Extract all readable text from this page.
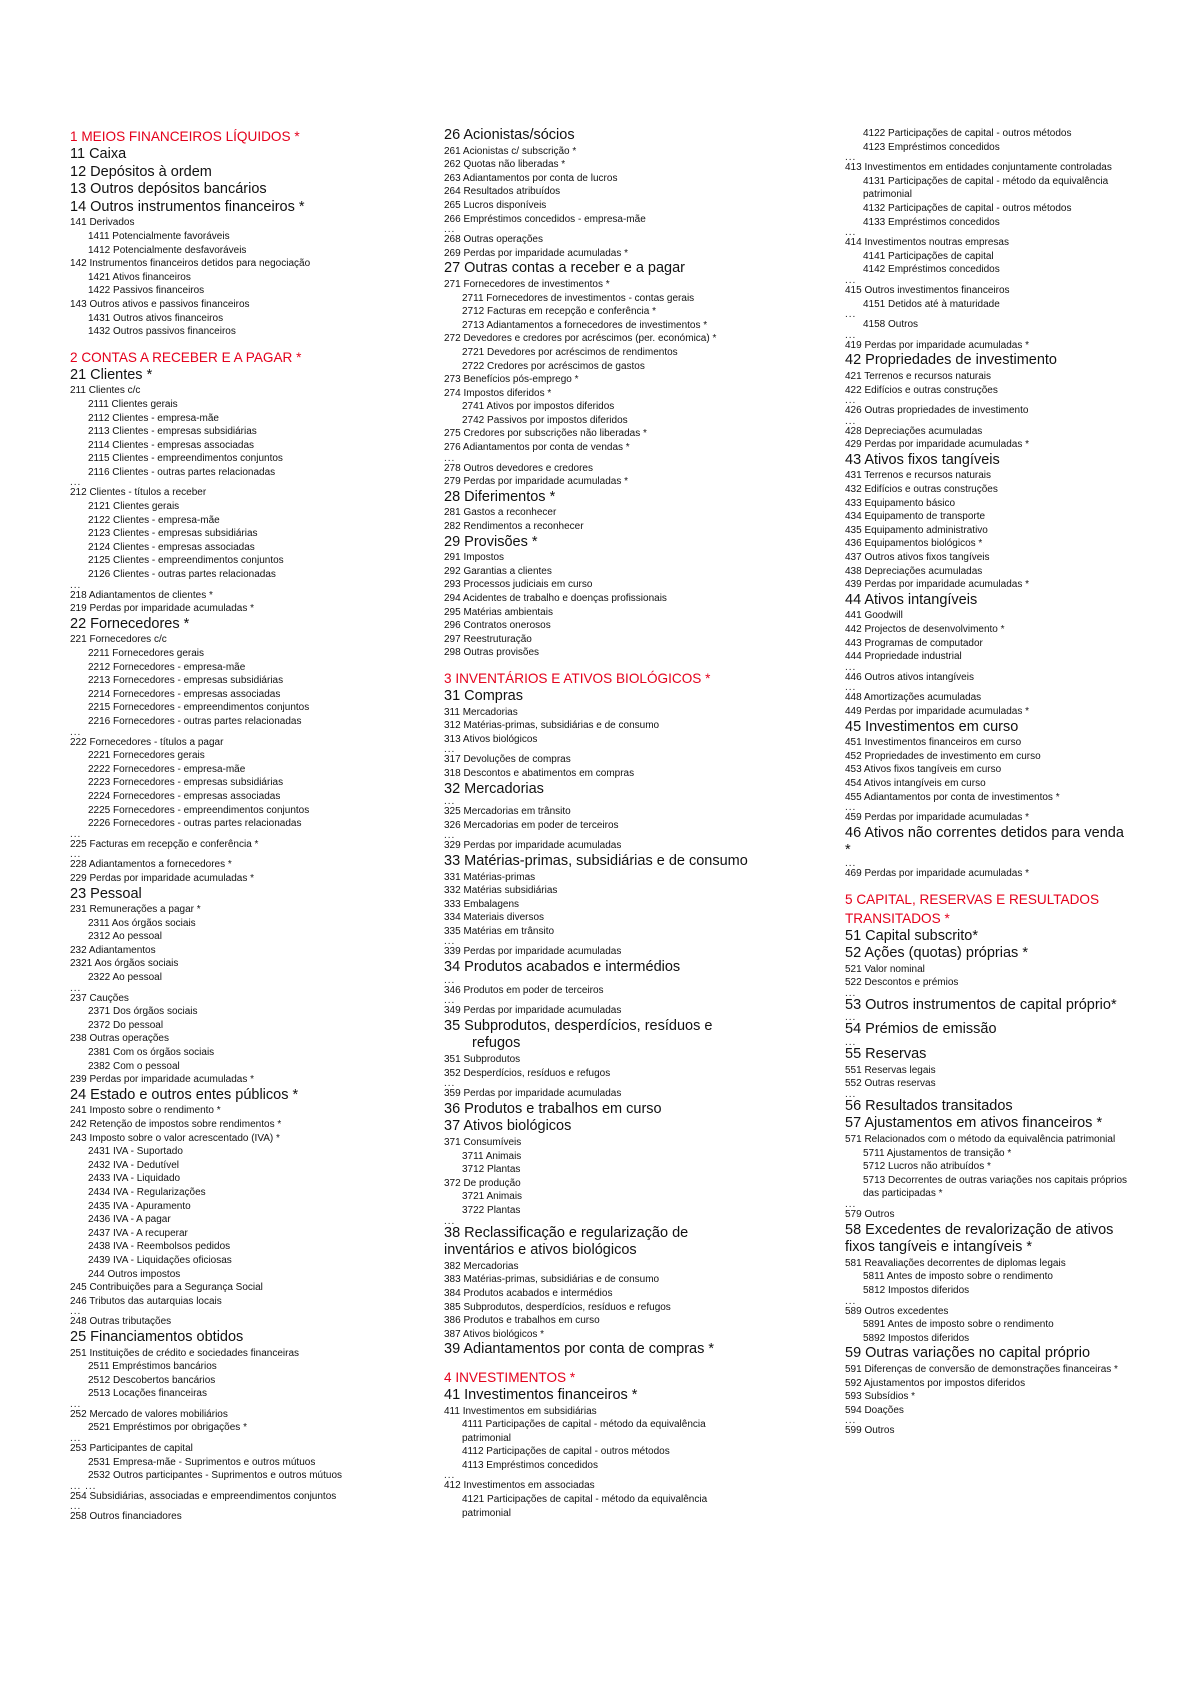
1 MEIOS FINANCEIROS LÍQUIDOS *
11 Caixa
12 Depósitos à ordem
13 Outros depósitos bancários
14 Outros instrumentos financeiros *
141 Derivados
1411 Potencialmente favoráveis
1412 Potencialmente desfavoráveis
142 Instrumentos financeiros detidos para negociação
1421 Ativos financeiros
1422 Passivos financeiros
143 Outros ativos e passivos financeiros
1431 Outros ativos financeiros
1432 Outros passivos financeiros
2 CONTAS A RECEBER E A PAGAR *
21 Clientes *
211 Clientes c/c
2111 Clientes gerais
2112 Clientes - empresa-mãe
2113 Clientes - empresas subsidiárias
2114 Clientes - empresas associadas
2115 Clientes - empreendimentos conjuntos
2116 Clientes - outras partes relacionadas
...
212 Clientes - títulos a receber
2121 Clientes gerais
2122 Clientes - empresa-mãe
2123 Clientes - empresas subsidiárias
2124 Clientes - empresas associadas
2125 Clientes - empreendimentos conjuntos
2126 Clientes - outras partes relacionadas
...
218 Adiantamentos de clientes *
219 Perdas por imparidade acumuladas *
22 Fornecedores *
221 Fornecedores c/c
2211 Fornecedores gerais
2212 Fornecedores - empresa-mãe
2213 Fornecedores - empresas subsidiárias
2214 Fornecedores - empresas associadas
2215 Fornecedores - empreendimentos conjuntos
2216 Fornecedores - outras partes relacionadas
...
222 Fornecedores - títulos a pagar
2221 Fornecedores gerais
2222 Fornecedores - empresa-mãe
2223 Fornecedores - empresas subsidiárias
2224 Fornecedores - empresas associadas
2225 Fornecedores - empreendimentos conjuntos
2226 Fornecedores - outras partes relacionadas
...
225 Facturas em recepção e conferência *
...
228 Adiantamentos a fornecedores *
229 Perdas por imparidade acumuladas *
23 Pessoal
231 Remunerações a pagar *
2311 Aos órgãos sociais
2312 Ao pessoal
232 Adiantamentos
2321 Aos órgãos sociais
2322 Ao pessoal
...
237 Cauções
2371 Dos órgãos sociais
2372 Do pessoal
238 Outras operações
2381 Com os órgãos sociais
2382 Com o pessoal
239 Perdas por imparidade acumuladas *
24 Estado e outros entes públicos *
241 Imposto sobre o rendimento *
242 Retenção de impostos sobre rendimentos *
243 Imposto sobre o valor acrescentado (IVA) *
2431 IVA - Suportado
2432 IVA - Dedutível
2433 IVA - Liquidado
2434 IVA - Regularizações
2435 IVA - Apuramento
2436 IVA - A pagar
2437 IVA - A recuperar
2438 IVA - Reembolsos pedidos
2439 IVA - Liquidações oficiosas
244 Outros impostos
245 Contribuições para a Segurança Social
246 Tributos das autarquias locais
...
248 Outras tributações
25 Financiamentos obtidos
251 Instituições de crédito e sociedades financeiras
2511 Empréstimos bancários
2512 Descobertos bancários
2513 Locações financeiras
...
252 Mercado de valores mobiliários
2521 Empréstimos por obrigações *
...
253 Participantes de capital
2531 Empresa-mãe - Suprimentos e outros mútuos
2532 Outros participantes - Suprimentos e outros mútuos
... ...
254 Subsidiárias, associadas e empreendimentos conjuntos
...
258 Outros financiadores
26 Acionistas/sócios
261 Acionistas c/ subscrição *
262 Quotas não liberadas *
263 Adiantamentos por conta de lucros
264 Resultados atribuídos
265 Lucros disponíveis
266 Empréstimos concedidos - empresa-mãe
...
268 Outras operações
269 Perdas por imparidade acumuladas *
27 Outras contas a receber e a pagar
271 Fornecedores de investimentos *
2711 Fornecedores de investimentos - contas gerais
2712 Facturas em recepção e conferência *
2713 Adiantamentos a fornecedores de investimentos *
272 Devedores e credores por acréscimos (per. económica) *
2721 Devedores por acréscimos de rendimentos
2722 Credores por acréscimos de gastos
273 Benefícios pós-emprego *
274 Impostos diferidos *
2741 Ativos por impostos diferidos
2742 Passivos por impostos diferidos
275 Credores por subscrições não liberadas *
276 Adiantamentos por conta de vendas *
...
278 Outros devedores e credores
279 Perdas por imparidade acumuladas *
28 Diferimentos *
281 Gastos a reconhecer
282 Rendimentos a reconhecer
29 Provisões *
291 Impostos
292 Garantias a clientes
293 Processos judiciais em curso
294 Acidentes de trabalho e doenças profissionais
295 Matérias ambientais
296 Contratos onerosos
297 Reestruturação
298 Outras provisões
3 INVENTÁRIOS E ATIVOS BIOLÓGICOS *
31 Compras
311 Mercadorias
312 Matérias-primas, subsidiárias e de consumo
313 Ativos biológicos
...
317 Devoluções de compras
318 Descontos e abatimentos em compras
32 Mercadorias
...
325 Mercadorias em trânsito
326 Mercadorias em poder de terceiros
...
329 Perdas por imparidade acumuladas
33 Matérias-primas, subsidiárias e de consumo
331 Matérias-primas
332 Matérias subsidiárias
333 Embalagens
334 Materiais diversos
335 Matérias em trânsito
...
339 Perdas por imparidade acumuladas
34 Produtos acabados e intermédios
...
346 Produtos em poder de terceiros
...
349 Perdas por imparidade acumuladas
35 Subprodutos, desperdícios, resíduos e
refugos
351 Subprodutos
352 Desperdícios, resíduos e refugos
...
359 Perdas por imparidade acumuladas
36 Produtos e trabalhos em curso
37 Ativos biológicos
371 Consumíveis
3711 Animais
3712 Plantas
372 De produção
3721 Animais
3722 Plantas
...
38 Reclassificação e regularização de
inventários e ativos biológicos
382 Mercadorias
383 Matérias-primas, subsidiárias e de consumo
384 Produtos acabados e intermédios
385 Subprodutos, desperdícios, resíduos e refugos
386 Produtos e trabalhos em curso
387 Ativos biológicos *
39 Adiantamentos por conta de compras *
4 INVESTIMENTOS *
41 Investimentos financeiros *
411 Investimentos em subsidiárias
4111 Participações de capital - método da equivalência
patrimonial
4112 Participações de capital - outros métodos
4113 Empréstimos concedidos
...
412 Investimentos em associadas
4121 Participações de capital - método da equivalência
patrimonial
4122 Participações de capital - outros métodos
4123 Empréstimos concedidos
...
413 Investimentos em entidades conjuntamente controladas
4131 Participações de capital - método da equivalência
patrimonial
4132 Participações de capital - outros métodos
4133 Empréstimos concedidos
...
414 Investimentos noutras empresas
4141 Participações de capital
4142 Empréstimos concedidos
...
415 Outros investimentos financeiros
4151 Detidos até à maturidade
...
4158 Outros
...
419 Perdas por imparidade acumuladas *
42 Propriedades de investimento
421 Terrenos e recursos naturais
422 Edifícios e outras construções
...
426 Outras propriedades de investimento
...
428 Depreciações acumuladas
429 Perdas por imparidade acumuladas *
43 Ativos fixos tangíveis
431 Terrenos e recursos naturais
432 Edifícios e outras construções
433 Equipamento básico
434 Equipamento de transporte
435 Equipamento administrativo
436 Equipamentos biológicos *
437 Outros ativos fixos tangíveis
438 Depreciações acumuladas
439 Perdas por imparidade acumuladas *
44 Ativos intangíveis
441 Goodwill
442 Projectos de desenvolvimento *
443 Programas de computador
444 Propriedade industrial
...
446 Outros ativos intangíveis
...
448 Amortizações acumuladas
449 Perdas por imparidade acumuladas *
45 Investimentos em curso
451 Investimentos financeiros em curso
452 Propriedades de investimento em curso
453 Ativos fixos tangíveis em curso
454 Ativos intangíveis em curso
455 Adiantamentos por conta de investimentos *
...
459 Perdas por imparidade acumuladas *
46 Ativos não correntes detidos para venda
*
...
469 Perdas por imparidade acumuladas *
5 CAPITAL, RESERVAS E RESULTADOS
TRANSITADOS *
51 Capital subscrito*
52 Ações (quotas) próprias *
521 Valor nominal
522 Descontos e prémios
...
53 Outros instrumentos de capital próprio*
...
54 Prémios de emissão
...
55 Reservas
551 Reservas legais
552 Outras reservas
...
56 Resultados transitados
57 Ajustamentos em ativos financeiros *
571 Relacionados com o método da equivalência patrimonial
5711 Ajustamentos de transição *
5712 Lucros não atribuídos *
5713 Decorrentes de outras variações nos capitais próprios
das participadas *
...
579 Outros
58 Excedentes de revalorização de ativos
fixos tangíveis e intangíveis *
581 Reavaliações decorrentes de diplomas legais
5811 Antes de imposto sobre o rendimento
5812 Impostos diferidos
...
589 Outros excedentes
5891 Antes de imposto sobre o rendimento
5892 Impostos diferidos
59 Outras variações no capital próprio
591 Diferenças de conversão de demonstrações financeiras *
592 Ajustamentos por impostos diferidos
593 Subsídios *
594 Doações
...
599 Outros
